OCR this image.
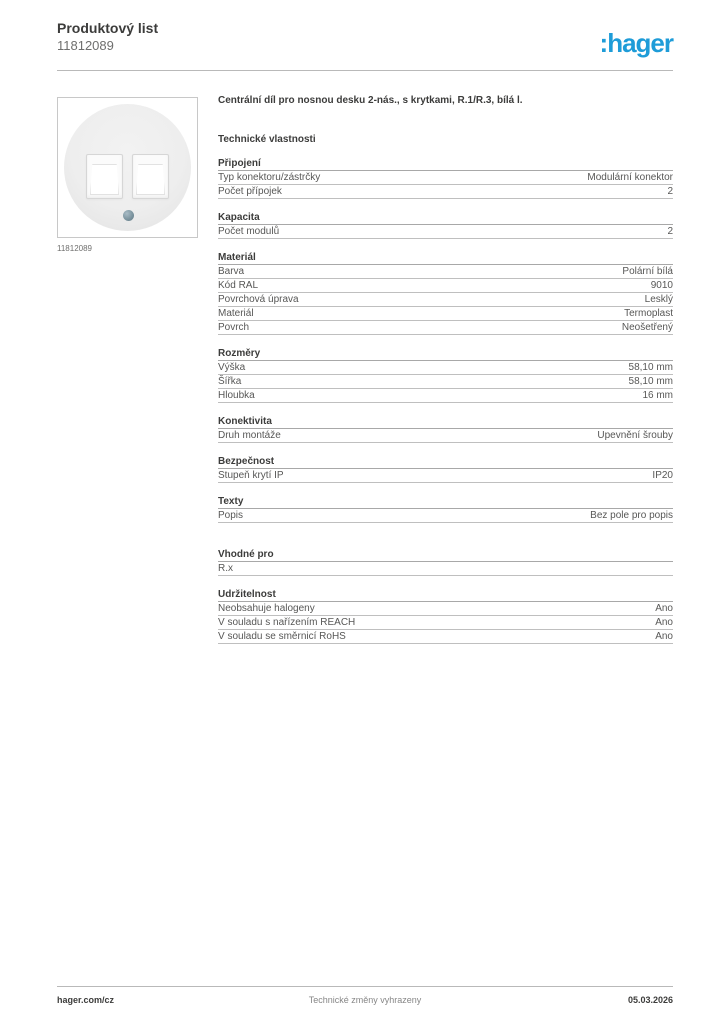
Produktový list
11812089	:hager
11812089

Centrální díl pro nosnou desku 2-nás., s krytkami, R.1/R.3, bílá l.

Technické vlastnosti
Připojení
Typ konektoru/zástrčky	Modulární konektor
Počet přípojek	2
Kapacita
Počet modulů	2
Materiál
Barva	Polární bílá
Kód RAL	9010
Povrchová úprava	Lesklý
Materiál	Termoplast
Povrch	Neošetřený
Rozměry
Výška	58,10 mm
Šířka	58,10 mm
Hloubka	16 mm
Konektivita
Druh montáže	Upevnění šrouby
Bezpečnost
Stupeň krytí IP	IP20
Texty
Popis	Bez pole pro popis
Vhodné pro
R.x
Udržitelnost
Neobsahuje halogeny	Ano
V souladu s nařízením REACH	Ano
V souladu se směrnicí RoHS	Ano
hager.com/cz	Technické změny vyhrazeny	05.03.2026
